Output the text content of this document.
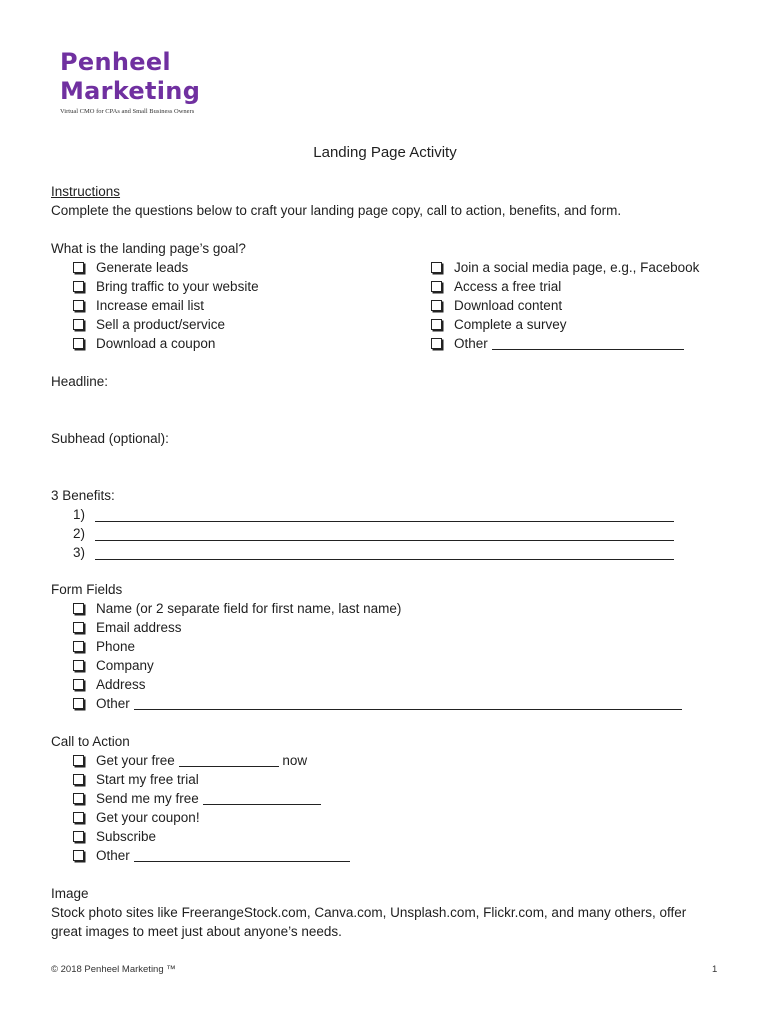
Penheel
Marketing
Virtual CMO for CPAs and Small Business Owners
Landing Page Activity
Instructions
Complete the questions below to craft your landing page copy, call to action, benefits, and form.
What is the landing page’s goal?
Generate leads
Bring traffic to your website
Increase email list
Sell a product/service
Download a coupon
Join a social media page, e.g., Facebook
Access a free trial
Download content
Complete a survey
Other
Headline:
Subhead (optional):
3 Benefits:
1)
2)
3)
Form Fields
Name (or 2 separate field for first name, last name)
Email address
Phone
Company
Address
Other
Call to Action
Get your free	now
Start my free trial
Send me my free
Get your coupon!
Subscribe
Other
Image
Stock photo sites like FreerangeStock.com, Canva.com, Unsplash.com, Flickr.com, and many others, offer
great images to meet just about anyone’s needs.
© 2018 Penheel Marketing ™	1
